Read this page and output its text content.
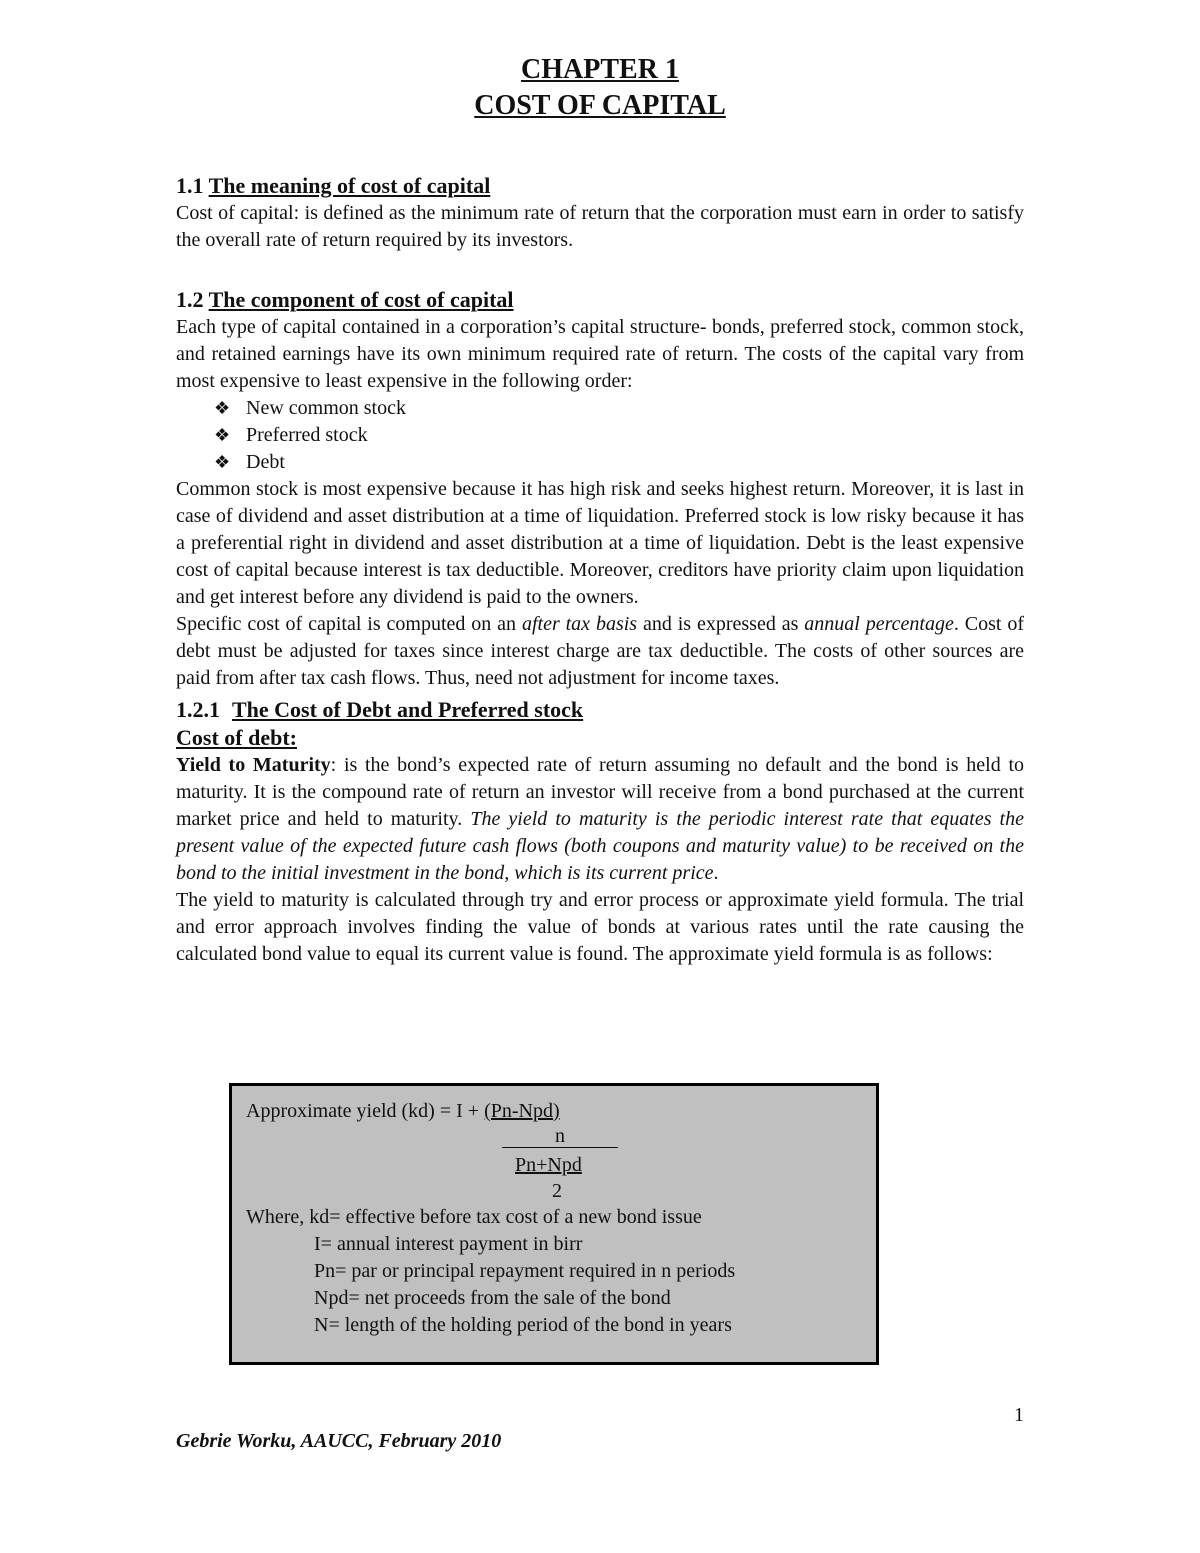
CHAPTER 1
COST OF CAPITAL
1.1 The meaning of cost of capital
Cost of capital: is defined as the minimum rate of return that the corporation must earn in order to satisfy the overall rate of return required by its investors.
1.2 The component of cost of capital
Each type of capital contained in a corporation’s capital structure- bonds, preferred stock, common stock, and retained earnings have its own minimum required rate of return. The costs of the capital vary from most expensive to least expensive in the following order:
❖ New common stock
❖ Preferred stock
❖ Debt
Common stock is most expensive because it has high risk and seeks highest return. Moreover, it is last in case of dividend and asset distribution at a time of liquidation. Preferred stock is low risky because it has a preferential right in dividend and asset distribution at a time of liquidation. Debt is the least expensive cost of capital because interest is tax deductible. Moreover, creditors have priority claim upon liquidation and get interest before any dividend is paid to the owners.
Specific cost of capital is computed on an after tax basis and is expressed as annual percentage. Cost of debt must be adjusted for taxes since interest charge are tax deductible. The costs of other sources are paid from after tax cash flows. Thus, need not adjustment for income taxes.
1.2.1 The Cost of Debt and Preferred stock
Cost of debt:
Yield to Maturity: is the bond’s expected rate of return assuming no default and the bond is held to maturity. It is the compound rate of return an investor will receive from a bond purchased at the current market price and held to maturity. The yield to maturity is the periodic interest rate that equates the present value of the expected future cash flows (both coupons and maturity value) to be received on the bond to the initial investment in the bond, which is its current price.
The yield to maturity is calculated through try and error process or approximate yield formula. The trial and error approach involves finding the value of bonds at various rates until the rate causing the calculated bond value to equal its current value is found. The approximate yield formula is as follows:
Approximate yield (kd) = I + (Pn-Npd)
n
Pn+Npd
2
Where, kd= effective before tax cost of a new bond issue
I= annual interest payment in birr
Pn= par or principal repayment required in n periods
Npd= net proceeds from the sale of the bond
N= length of the holding period of the bond in years
1
Gebrie Worku, AAUCC, February 2010
